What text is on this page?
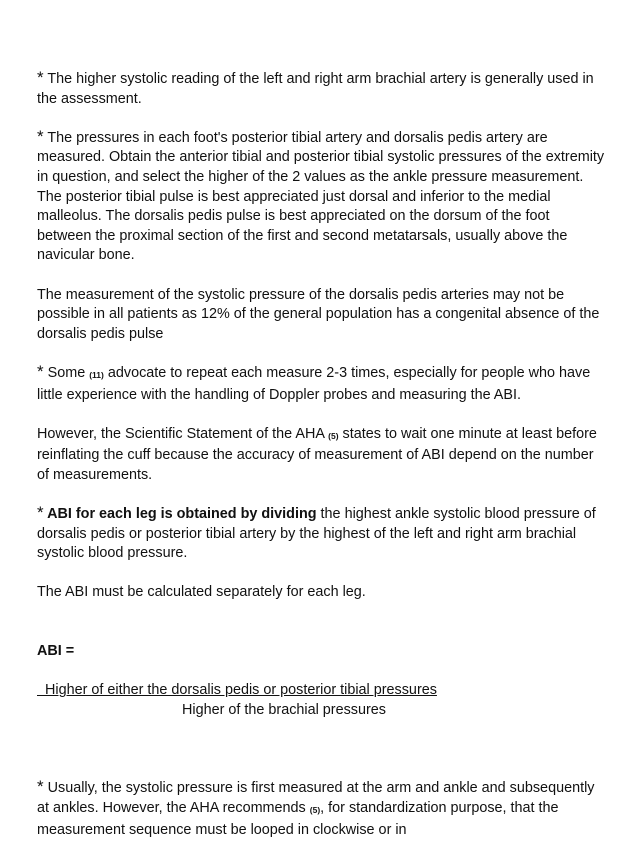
* The higher systolic reading of the left and right arm brachial artery is generally used in the assessment.

* The pressures in each foot's posterior tibial artery and dorsalis pedis artery are measured. Obtain the anterior tibial and posterior tibial systolic pressures of the extremity in question, and select the higher of the 2 values as the ankle pressure measurement. The posterior tibial pulse is best appreciated just dorsal and inferior to the medial malleolus. The dorsalis pedis pulse is best appreciated on the dorsum of the foot between the proximal section of the first and second metatarsals, usually above the navicular bone.

The measurement of the systolic pressure of the dorsalis pedis arteries may not be possible in all patients as 12% of the general population has a congenital absence of the dorsalis pedis pulse

* Some (11) advocate to repeat each measure 2-3 times, especially for people who have little experience with the handling of Doppler probes and measuring the ABI.

However, the Scientific Statement of the AHA (5) states to wait one minute at least before reinflating the cuff because the accuracy of measurement of ABI depend on the number of measurements.

* ABI for each leg is obtained by dividing the highest ankle systolic blood pressure of dorsalis pedis or posterior tibial artery by the highest of the left and right arm brachial systolic blood pressure.

The ABI must be calculated separately for each leg.

ABI =

Higher of either the dorsalis pedis or posterior tibial pressures
Higher of the brachial pressures

* Usually, the systolic pressure is first measured at the arm and ankle and subsequently at ankles. However, the AHA recommends (5), for standardization purpose, that the measurement sequence must be looped in clockwise or in
